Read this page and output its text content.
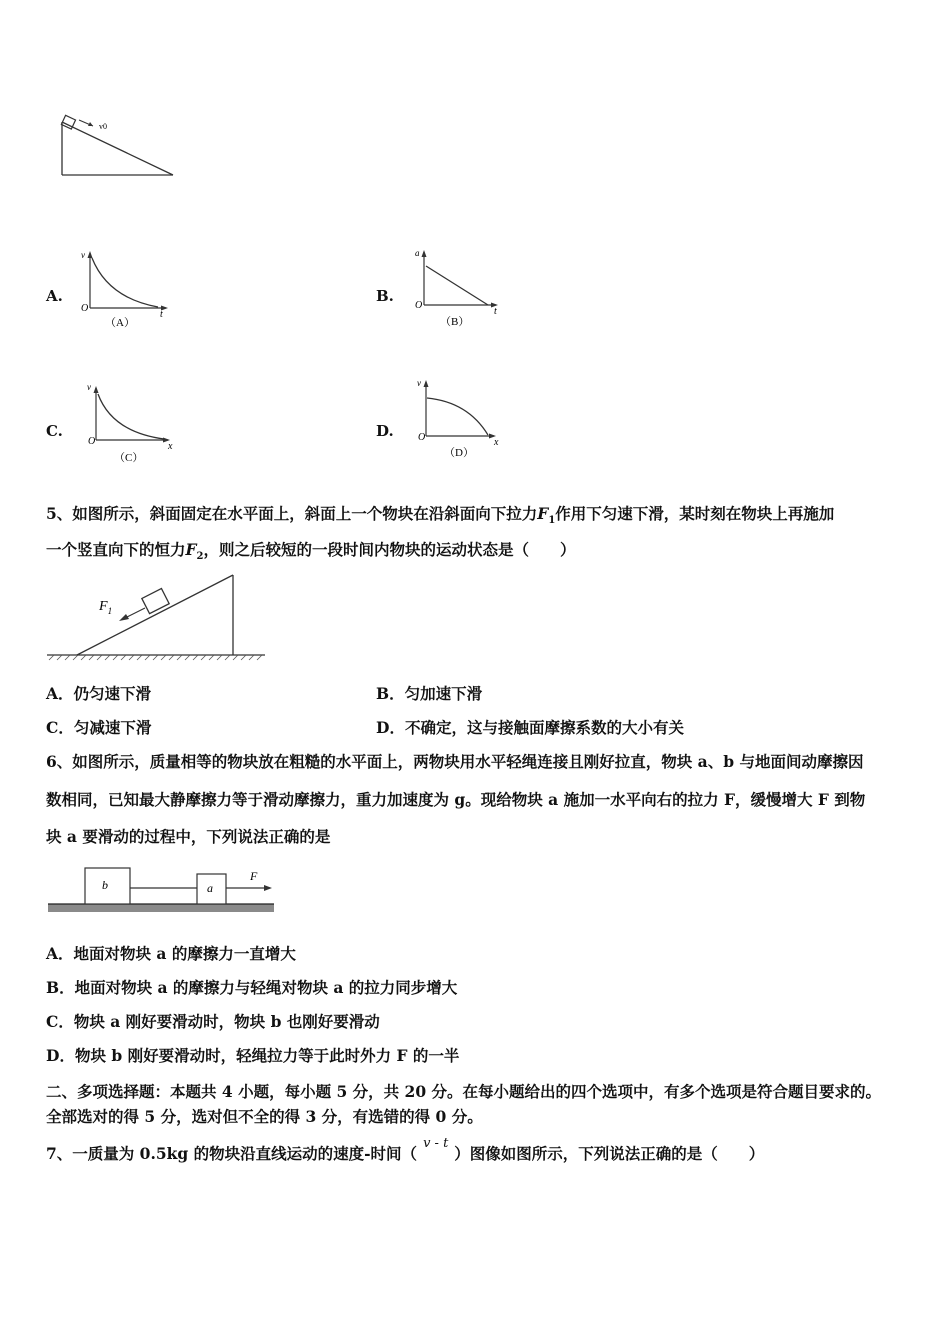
v0
A.
v
O
t
（A）
B.
a
O
t
（B）
C.
v
O	x
（C）
D.
v
O	x
（D）
5、如图所示，斜面固定在水平面上，斜面上一个物块在沿斜面向下拉力$F_1$作用下匀速下滑，某时刻在物块上再施加
一个竖直向下的恒力$F_2$，则之后较短的一段时间内物块的运动状态是（　　）
$F_1$
A．仍匀速下滑	B．匀加速下滑
C．匀减速下滑	D．不确定，这与接触面摩擦系数的大小有关
6、如图所示，质量相等的物块放在粗糙的水平面上，两物块用水平轻绳连接且刚好拉直，物块 a、b 与地面间动摩擦因
数相同，已知最大静摩擦力等于滑动摩擦力，重力加速度为 g。现给物块 a 施加一水平向右的拉力 F，缓慢增大 F 到物
块 a 要滑动的过程中，下列说法正确的是
b	a
F
A．地面对物块 a 的摩擦力一直增大
B．地面对物块 a 的摩擦力与轻绳对物块 a 的拉力同步增大
C．物块 a 刚好要滑动时，物块 b 也刚好要滑动
D．物块 b 刚好要滑动时，轻绳拉力等于此时外力 F 的一半
二、多项选择题：本题共 4 小题，每小题 5 分，共 20 分。在每小题给出的四个选项中，有多个选项是符合题目要求的。
全部选对的得 5 分，选对但不全的得 3 分，有选错的得 0 分。
7、一质量为 0.5kg 的物块沿直线运动的速度-时间（v - t）图像如图所示，下列说法正确的是（　　）
